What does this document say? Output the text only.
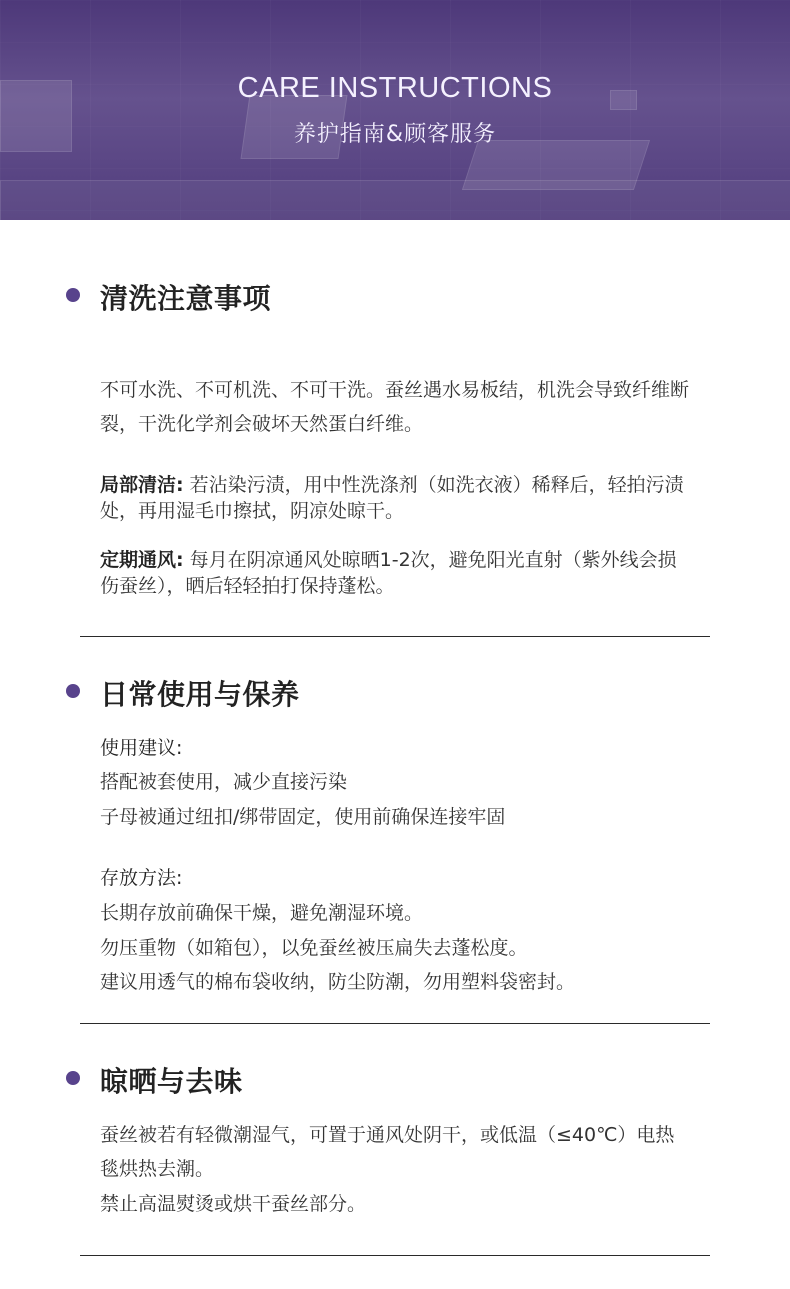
CARE INSTRUCTIONS
养护指南&顾客服务
清洗注意事项
不可水洗、不可机洗、不可干洗。蚕丝遇水易板结，机洗会导致纤维断裂，干洗化学剂会破坏天然蛋白纤维。
局部清洁: 若沾染污渍，用中性洗涤剂（如洗衣液）稀释后，轻拍污渍处，再用湿毛巾擦拭，阴凉处晾干。
定期通风: 每月在阴凉通风处晾晒1-2次，避免阳光直射（紫外线会损伤蚕丝），晒后轻轻拍打保持蓬松。
日常使用与保养
使用建议:
搭配被套使用，减少直接污染
子母被通过纽扣/绑带固定，使用前确保连接牢固
存放方法:
长期存放前确保干燥，避免潮湿环境。
勿压重物（如箱包），以免蚕丝被压扁失去蓬松度。
建议用透气的棉布袋收纳，防尘防潮，勿用塑料袋密封。
晾晒与去味
蚕丝被若有轻微潮湿气，可置于通风处阴干，或低温（≤40℃）电热毯烘热去潮。
禁止高温熨烫或烘干蚕丝部分。
